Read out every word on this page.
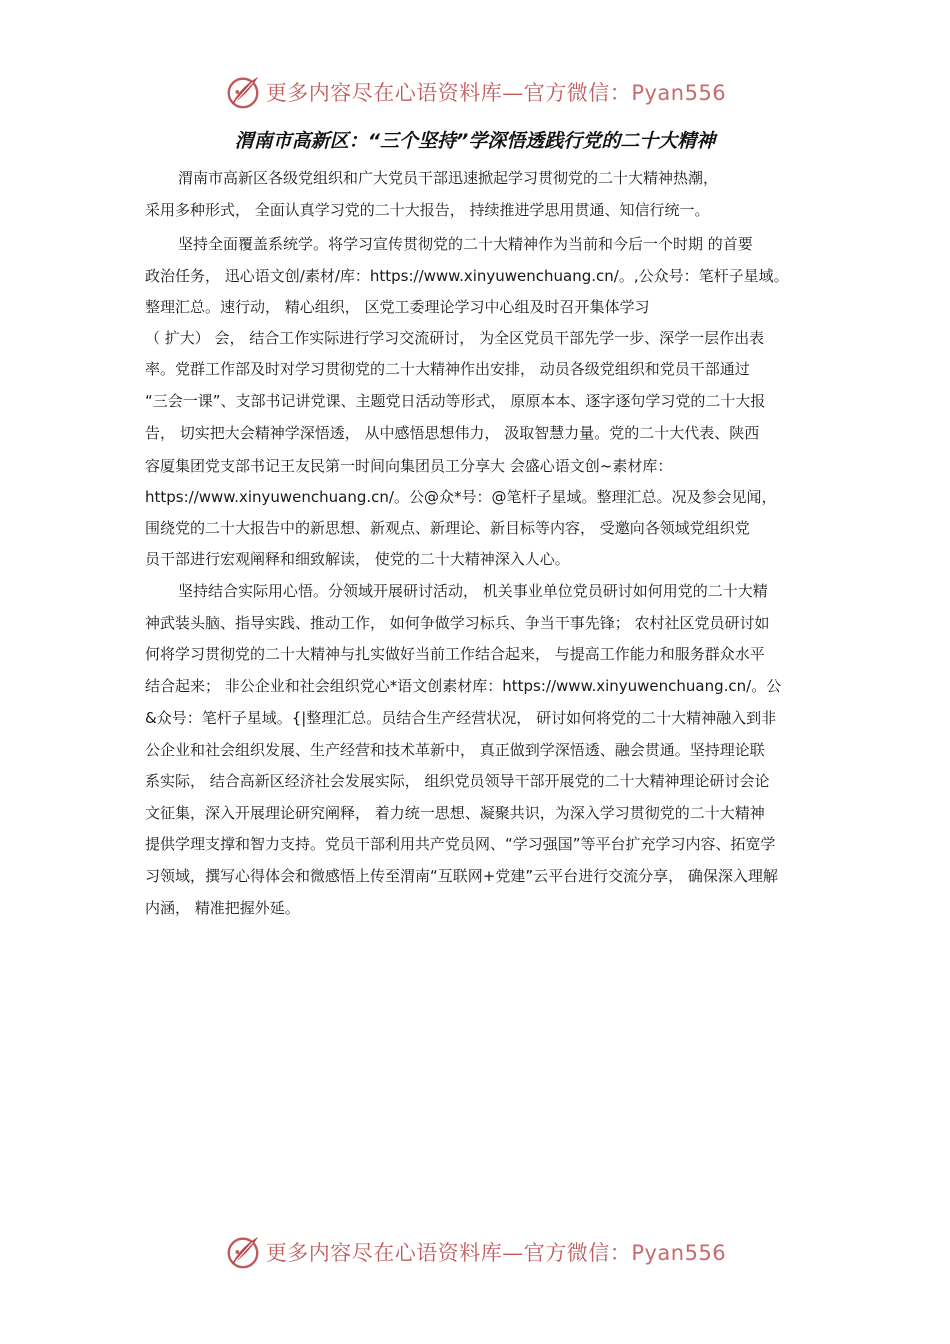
更多内容尽在心语资料库—官方微信：Pyan556
渭南市高新区：“三个坚持”学深悟透践行党的二十大精神
渭南市高新区各级党组织和广大党员干部迅速掀起学习贯彻党的二十大精神热潮，
采用多种形式， 全面认真学习党的二十大报告， 持续推进学思用贯通、知信行统一。
坚持全面覆盖系统学。将学习宣传贯彻党的二十大精神作为当前和今后一个时期 的首要
政治任务， 迅心语文创/素材/库：https://www.xinyuwenchuang.cn/。,公众号：笔杆子星域。
整理汇总。速行动， 精心组织， 区党工委理论学习中心组及时召开集体学习
（ 扩大） 会， 结合工作实际进行学习交流研讨， 为全区党员干部先学一步、深学一层作出表
率。党群工作部及时对学习贯彻党的二十大精神作出安排， 动员各级党组织和党员干部通过
“三会一课”、支部书记讲党课、主题党日活动等形式， 原原本本、逐字逐句学习党的二十大报
告， 切实把大会精神学深悟透， 从中感悟思想伟力， 汲取智慧力量。党的二十大代表、陕西
容厦集团党支部书记王友民第一时间向集团员工分享大 会盛心语文创~素材库：
https://www.xinyuwenchuang.cn/。公@众*号：@笔杆子星域。整理汇总。况及参会见闻，
围绕党的二十大报告中的新思想、新观点、新理论、新目标等内容， 受邀向各领域党组织党
员干部进行宏观阐释和细致解读， 使党的二十大精神深入人心。
坚持结合实际用心悟。分领域开展研讨活动， 机关事业单位党员研讨如何用党的二十大精
神武装头脑、指导实践、推动工作， 如何争做学习标兵、争当干事先锋； 农村社区党员研讨如
何将学习贯彻党的二十大精神与扎实做好当前工作结合起来， 与提高工作能力和服务群众水平
结合起来； 非公企业和社会组织党心*语文创素材库：https://www.xinyuwenchuang.cn/。公
&众号：笔杆子星域。{|整理汇总。员结合生产经营状况， 研讨如何将党的二十大精神融入到非
公企业和社会组织发展、生产经营和技术革新中， 真正做到学深悟透、融会贯通。坚持理论联
系实际， 结合高新区经济社会发展实际， 组织党员领导干部开展党的二十大精神理论研讨会论
文征集，深入开展理论研究阐释， 着力统一思想、凝聚共识，为深入学习贯彻党的二十大精神
提供学理支撑和智力支持。党员干部利用共产党员网、“学习强国”等平台扩充学习内容、拓宽学
习领域，撰写心得体会和微感悟上传至渭南“互联网+党建”云平台进行交流分享， 确保深入理解
内涵， 精准把握外延。
更多内容尽在心语资料库—官方微信：Pyan556
